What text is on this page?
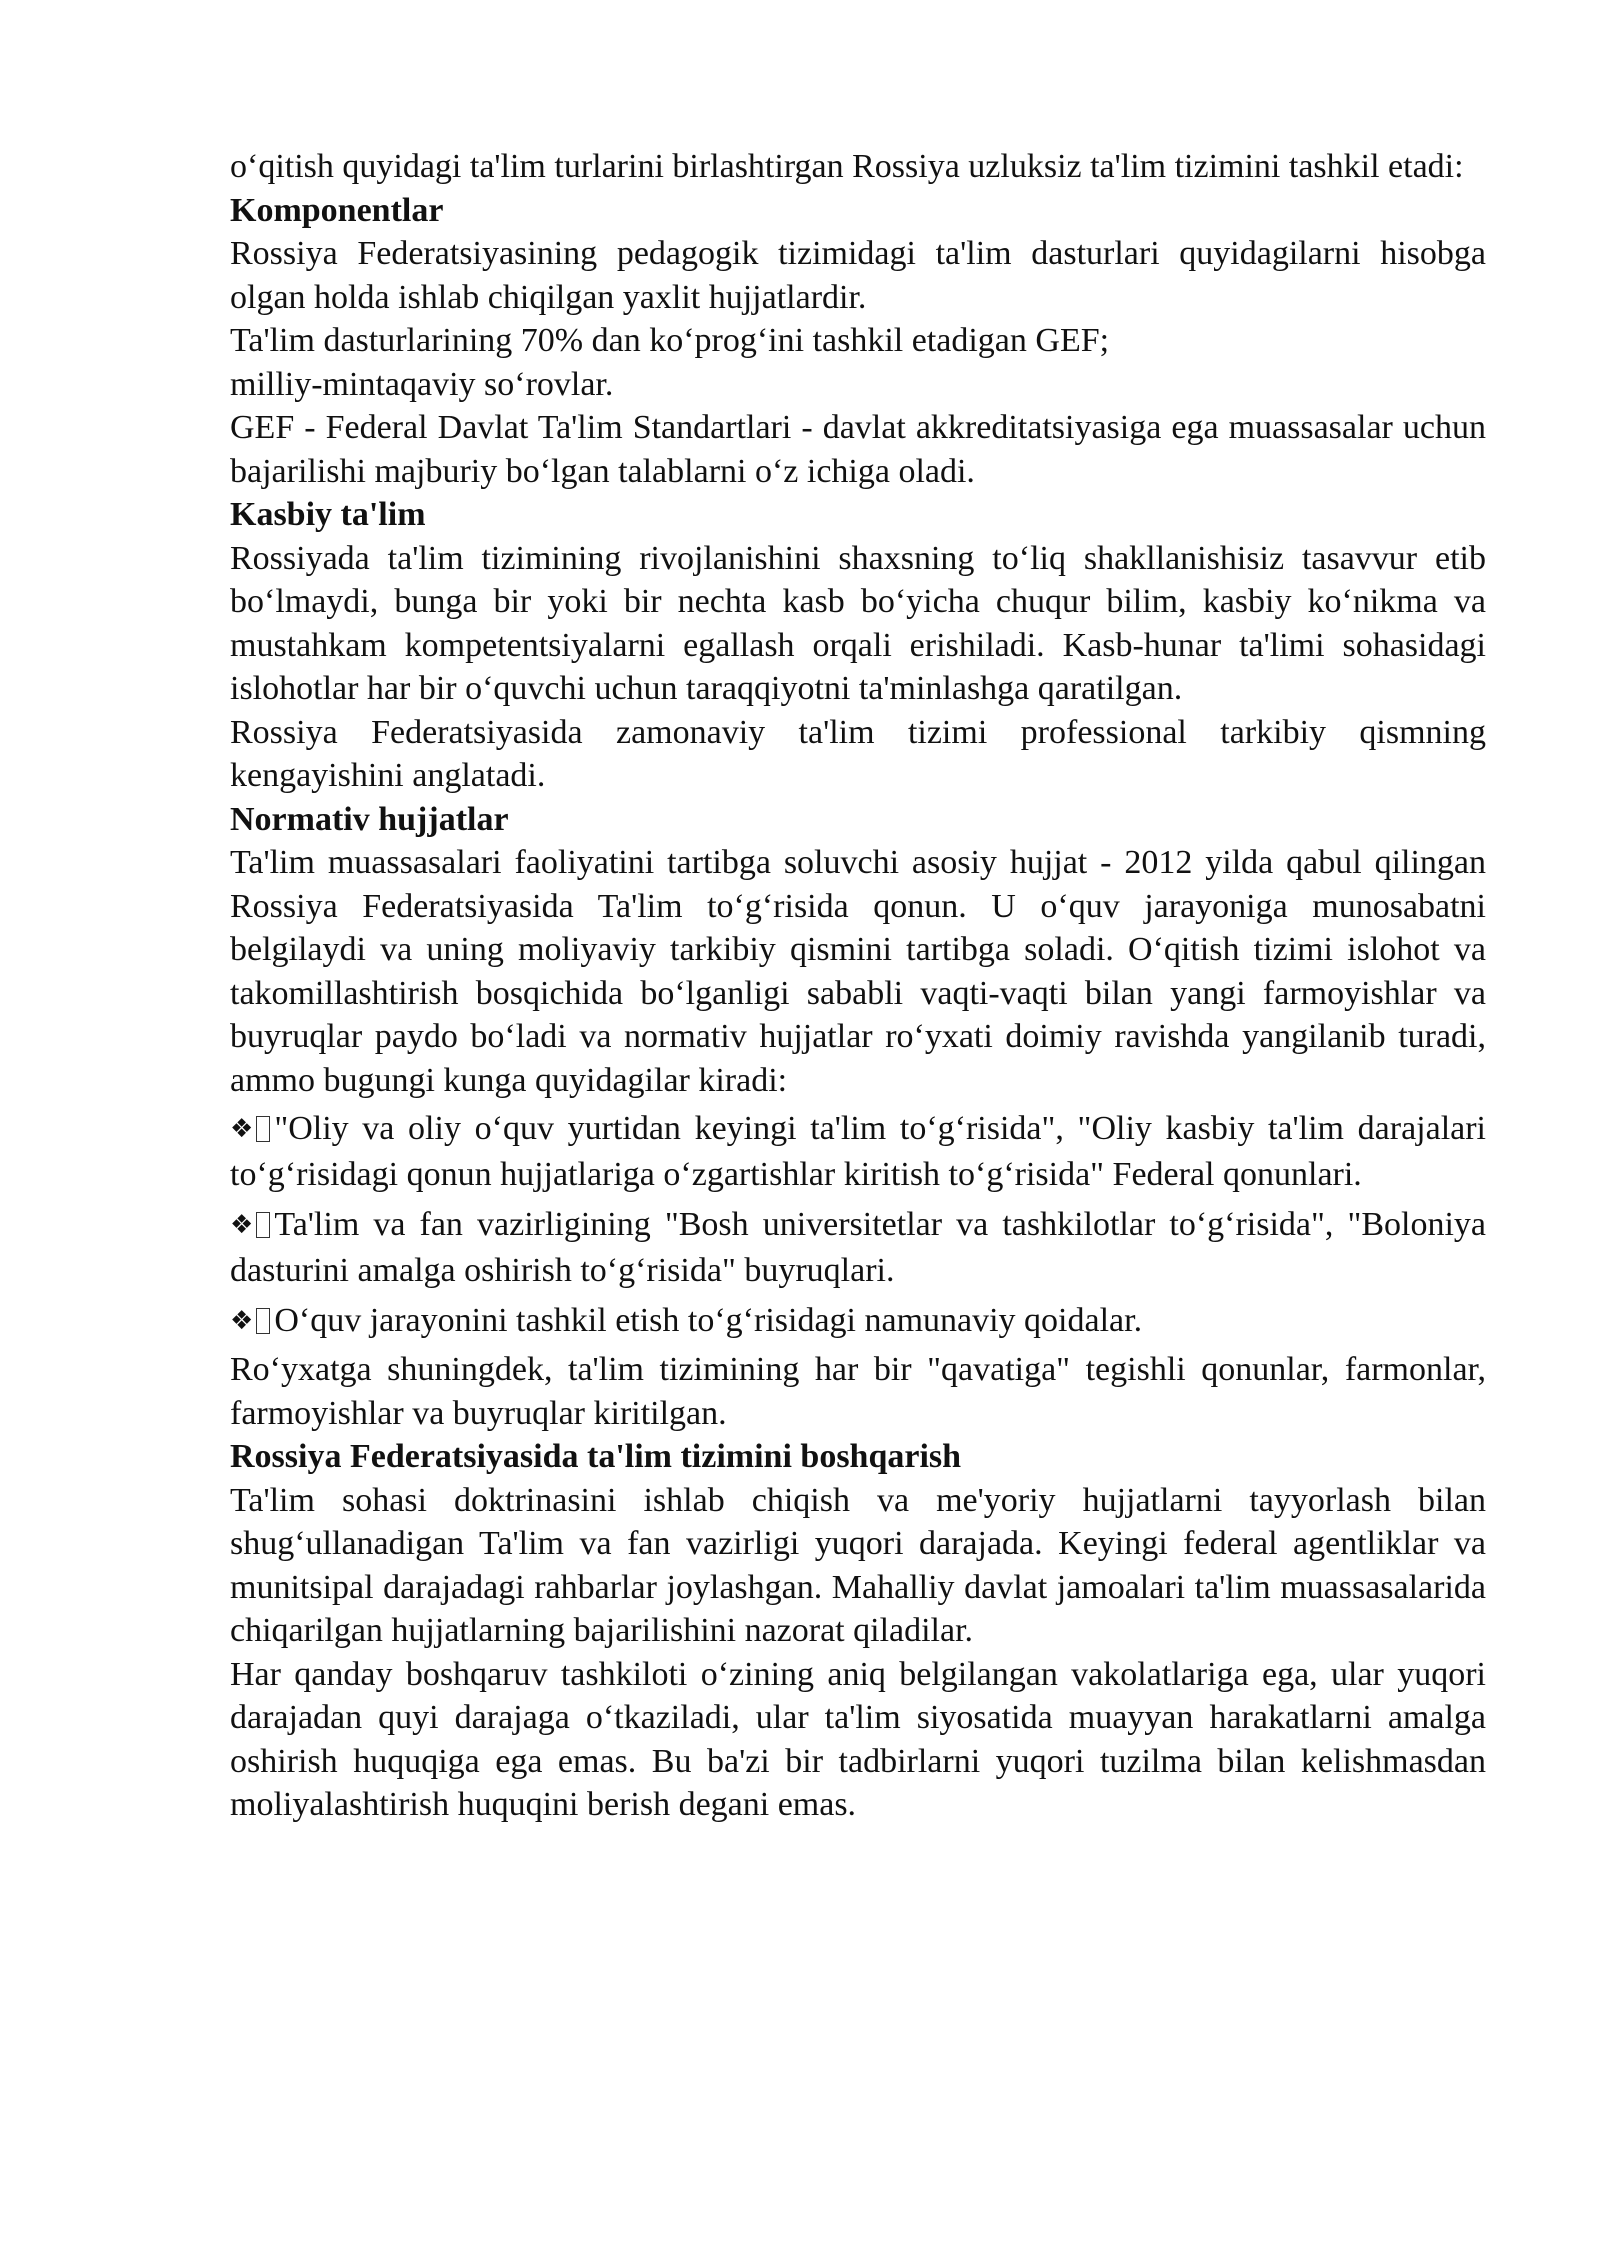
o‘qitish quyidagi ta'lim turlarini birlashtirgan Rossiya uzluksiz ta'lim tizimini tashkil etadi:

Komponentlar

Rossiya Federatsiyasining pedagogik tizimidagi ta'lim dasturlari quyidagilarni hisobga olgan holda ishlab chiqilgan yaxlit hujjatlardir.

Ta'lim dasturlarining 70% dan ko‘prog‘ini tashkil etadigan GEF;

milliy-mintaqaviy so‘rovlar.

GEF - Federal Davlat Ta'lim Standartlari - davlat akkreditatsiyasiga ega muassasalar uchun bajarilishi majburiy bo‘lgan talablarni o‘z ichiga oladi.

Kasbiy ta'lim

Rossiyada ta'lim tizimining rivojlanishini shaxsning to‘liq shakllanishisiz tasavvur etib bo‘lmaydi, bunga bir yoki bir nechta kasb bo‘yicha chuqur bilim, kasbiy ko‘nikma va mustahkam kompetentsiyalarni egallash orqali erishiladi. Kasb-hunar ta'limi sohasidagi islohotlar har bir o‘quvchi uchun taraqqiyotni ta'minlashga qaratilgan.

Rossiya Federatsiyasida zamonaviy ta'lim tizimi professional tarkibiy qismning kengayishini anglatadi.

Normativ hujjatlar

Ta'lim muassasalari faoliyatini tartibga soluvchi asosiy hujjat - 2012 yilda qabul qilingan Rossiya Federatsiyasida Ta'lim to‘g‘risida qonun. U o‘quv jarayoniga munosabatni belgilaydi va uning moliyaviy tarkibiy qismini tartibga soladi. O‘qitish tizimi islohot va takomillashtirish bosqichida bo‘lganligi sababli vaqti-vaqti bilan yangi farmoyishlar va buyruqlar paydo bo‘ladi va normativ hujjatlar ro‘yxati doimiy ravishda yangilanib turadi, ammo bugungi kunga quyidagilar kiradi:

❖ "Oliy va oliy o‘quv yurtidan keyingi ta'lim to‘g‘risida", "Oliy kasbiy ta'lim darajalari to‘g‘risidagi qonun hujjatlariga o‘zgartishlar kiritish to‘g‘risida" Federal qonunlari.

❖ Ta'lim va fan vazirligining "Bosh universitetlar va tashkilotlar to‘g‘risida", "Boloniya dasturini amalga oshirish to‘g‘risida" buyruqlari.

❖ O‘quv jarayonini tashkil etish to‘g‘risidagi namunaviy qoidalar.

Ro‘yxatga shuningdek, ta'lim tizimining har bir "qavatiga" tegishli qonunlar, farmonlar, farmoyishlar va buyruqlar kiritilgan.

Rossiya Federatsiyasida ta'lim tizimini boshqarish

Ta'lim sohasi doktrinasini ishlab chiqish va me'yoriy hujjatlarni tayyorlash bilan shug‘ullanadigan Ta'lim va fan vazirligi yuqori darajada. Keyingi federal agentliklar va munitsipal darajadagi rahbarlar joylashgan. Mahalliy davlat jamoalari ta'lim muassasalarida chiqarilgan hujjatlarning bajarilishini nazorat qiladilar.

Har qanday boshqaruv tashkiloti o‘zining aniq belgilangan vakolatlariga ega, ular yuqori darajadan quyi darajaga o‘tkaziladi, ular ta'lim siyosatida muayyan harakatlarni amalga oshirish huquqiga ega emas. Bu ba'zi bir tadbirlarni yuqori tuzilma bilan kelishmasdan moliyalashtirish huquqini berish degani emas.
